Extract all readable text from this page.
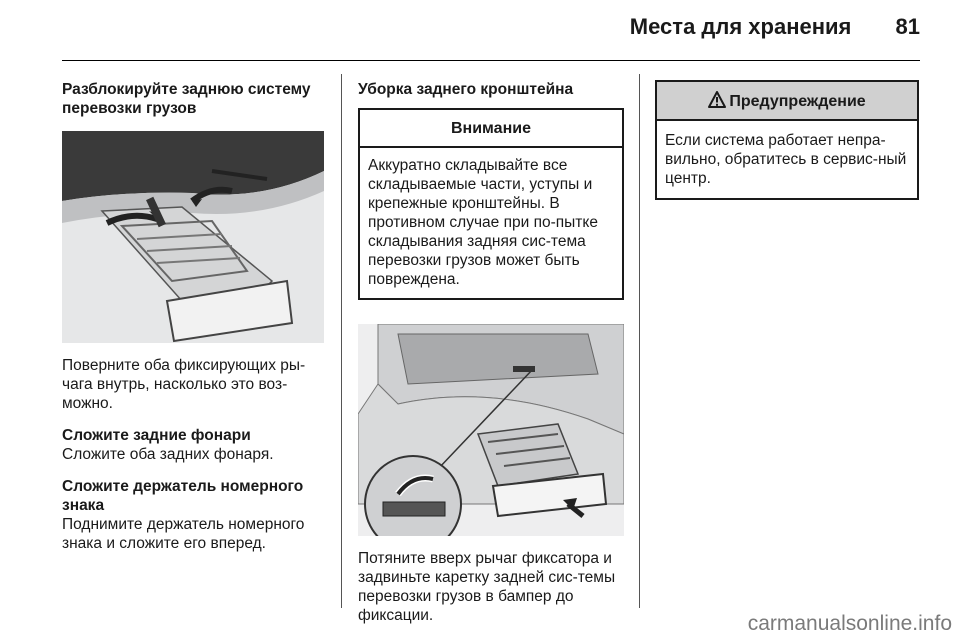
Места для хранения 81
Разблокируйте заднюю систему перевозки грузов

Поверните оба фиксирующих ры-чага внутрь, насколько это воз-можно.

Сложите задние фонари

Сложите оба задних фонаря.

Сложите держатель номерного знака

Поднимите держатель номерного знака и сложите его вперед.

Уборка заднего кронштейна
Внимание
Аккуратно складывайте все складываемые части, уступы и крепежные кронштейны. В противном случае при по-пытке складывания задняя сис-тема перевозки грузов может быть повреждена.

Потяните вверх рычаг фиксатора и задвиньте каретку задней сис-темы перевозки грузов в бампер до фиксации.

Предупреждение
Если система работает непра-вильно, обратитесь в сервис-ный центр.
carmanualsonline.info
